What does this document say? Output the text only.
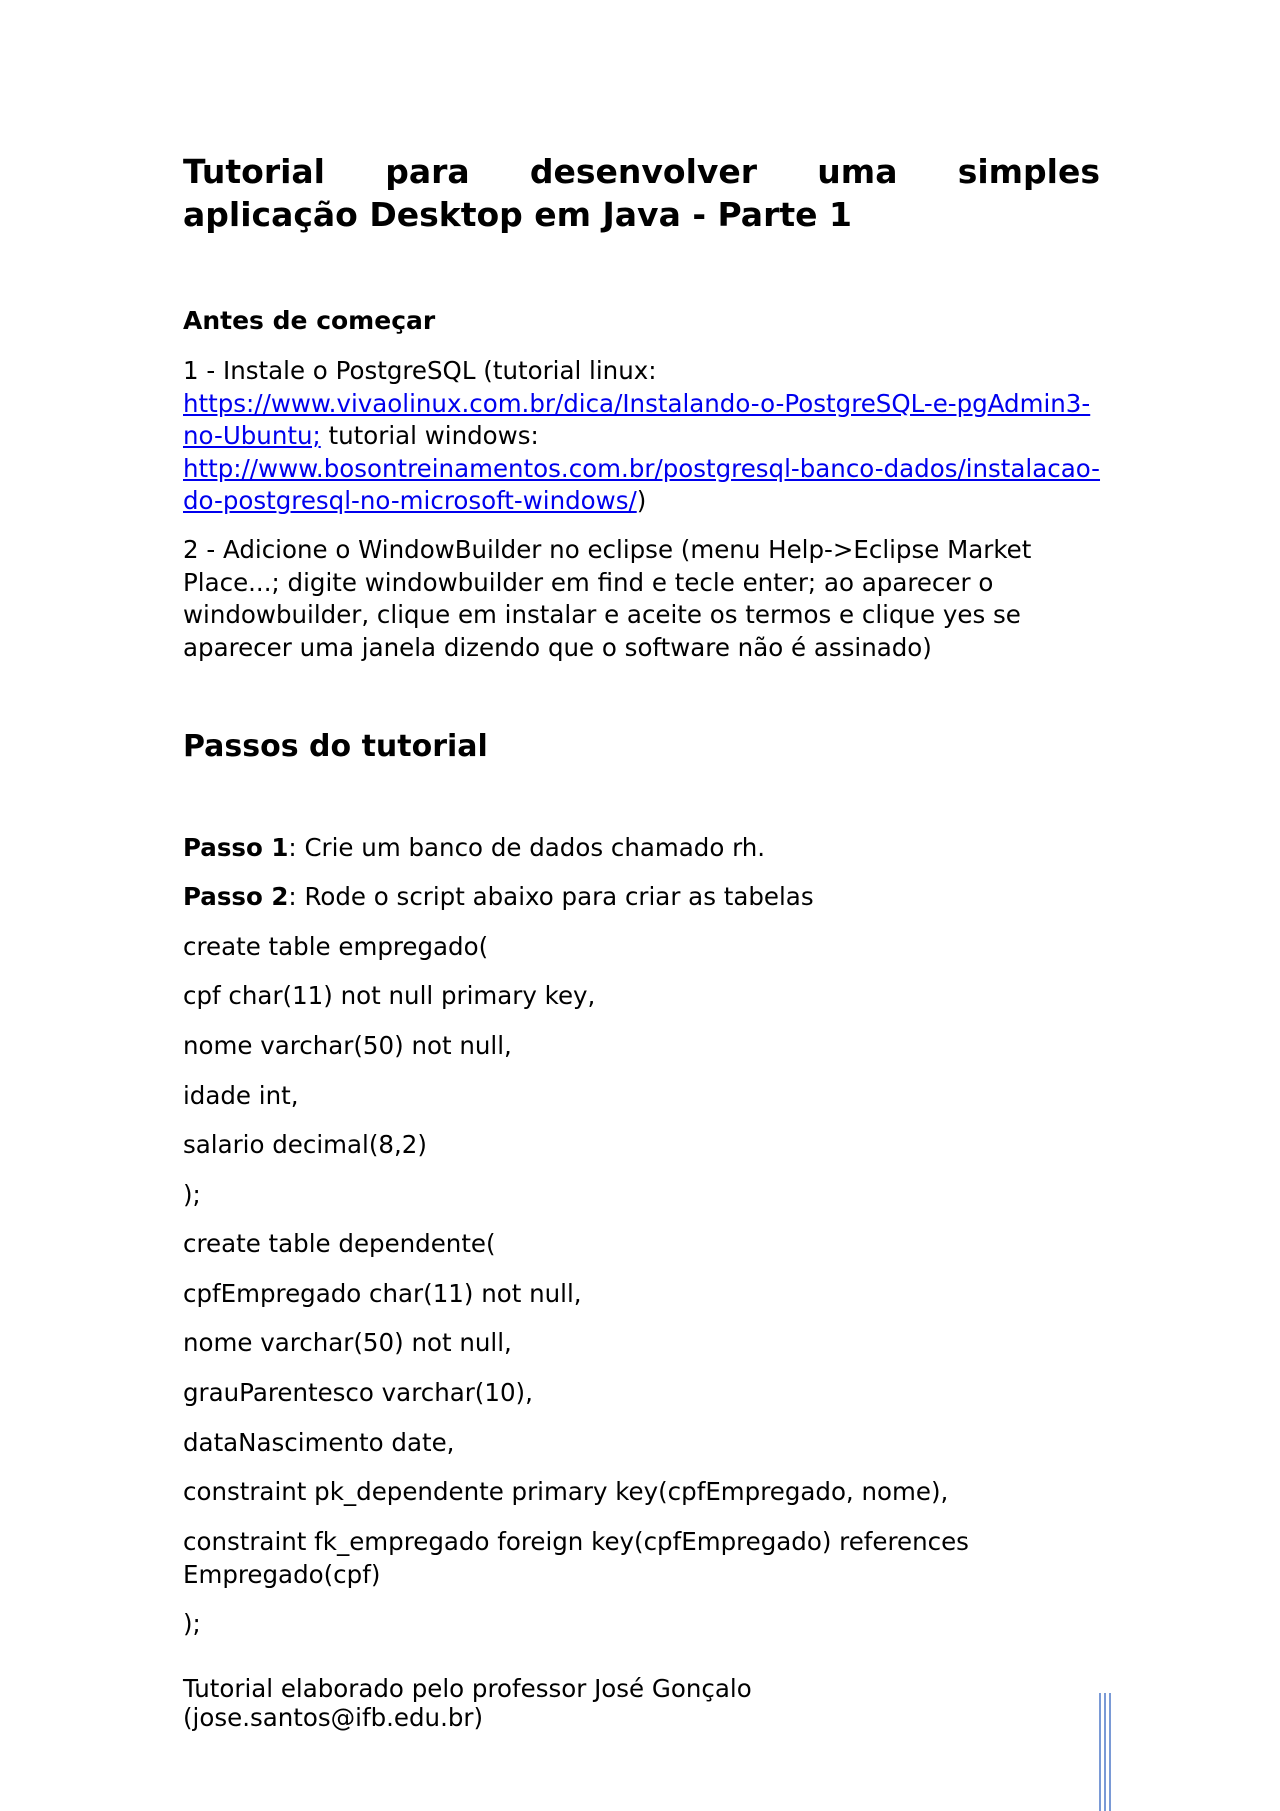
Tutorial para desenvolver uma simples
aplicação Desktop em Java - Parte 1
Antes de começar

1 - Instale o PostgreSQL (tutorial linux: https://www.vivaolinux.com.br/dica/Instalando-o-PostgreSQL-e-pgAdmin3-no-Ubuntu; tutorial windows: http://www.bosontreinamentos.com.br/postgresql-banco-dados/instalacao-do-postgresql-no-microsoft-windows/)

2 - Adicione o WindowBuilder no eclipse (menu Help->Eclipse Market Place...; digite windowbuilder em find e tecle enter; ao aparecer o windowbuilder, clique em instalar e aceite os termos e clique yes se aparecer uma janela dizendo que o software não é assinado)

Passos do tutorial

Passo 1: Crie um banco de dados chamado rh.

Passo 2: Rode o script abaixo para criar as tabelas

create table empregado(

cpf char(11) not null primary key,

nome varchar(50) not null,

idade int,

salario decimal(8,2)

);

create table dependente(

cpfEmpregado char(11) not null,

nome varchar(50) not null,

grauParentesco varchar(10),

dataNascimento date,

constraint pk_dependente primary key(cpfEmpregado, nome),

constraint fk_empregado foreign key(cpfEmpregado) references Empregado(cpf)

);

Tutorial elaborado pelo professor José Gonçalo
(jose.santos@ifb.edu.br)
